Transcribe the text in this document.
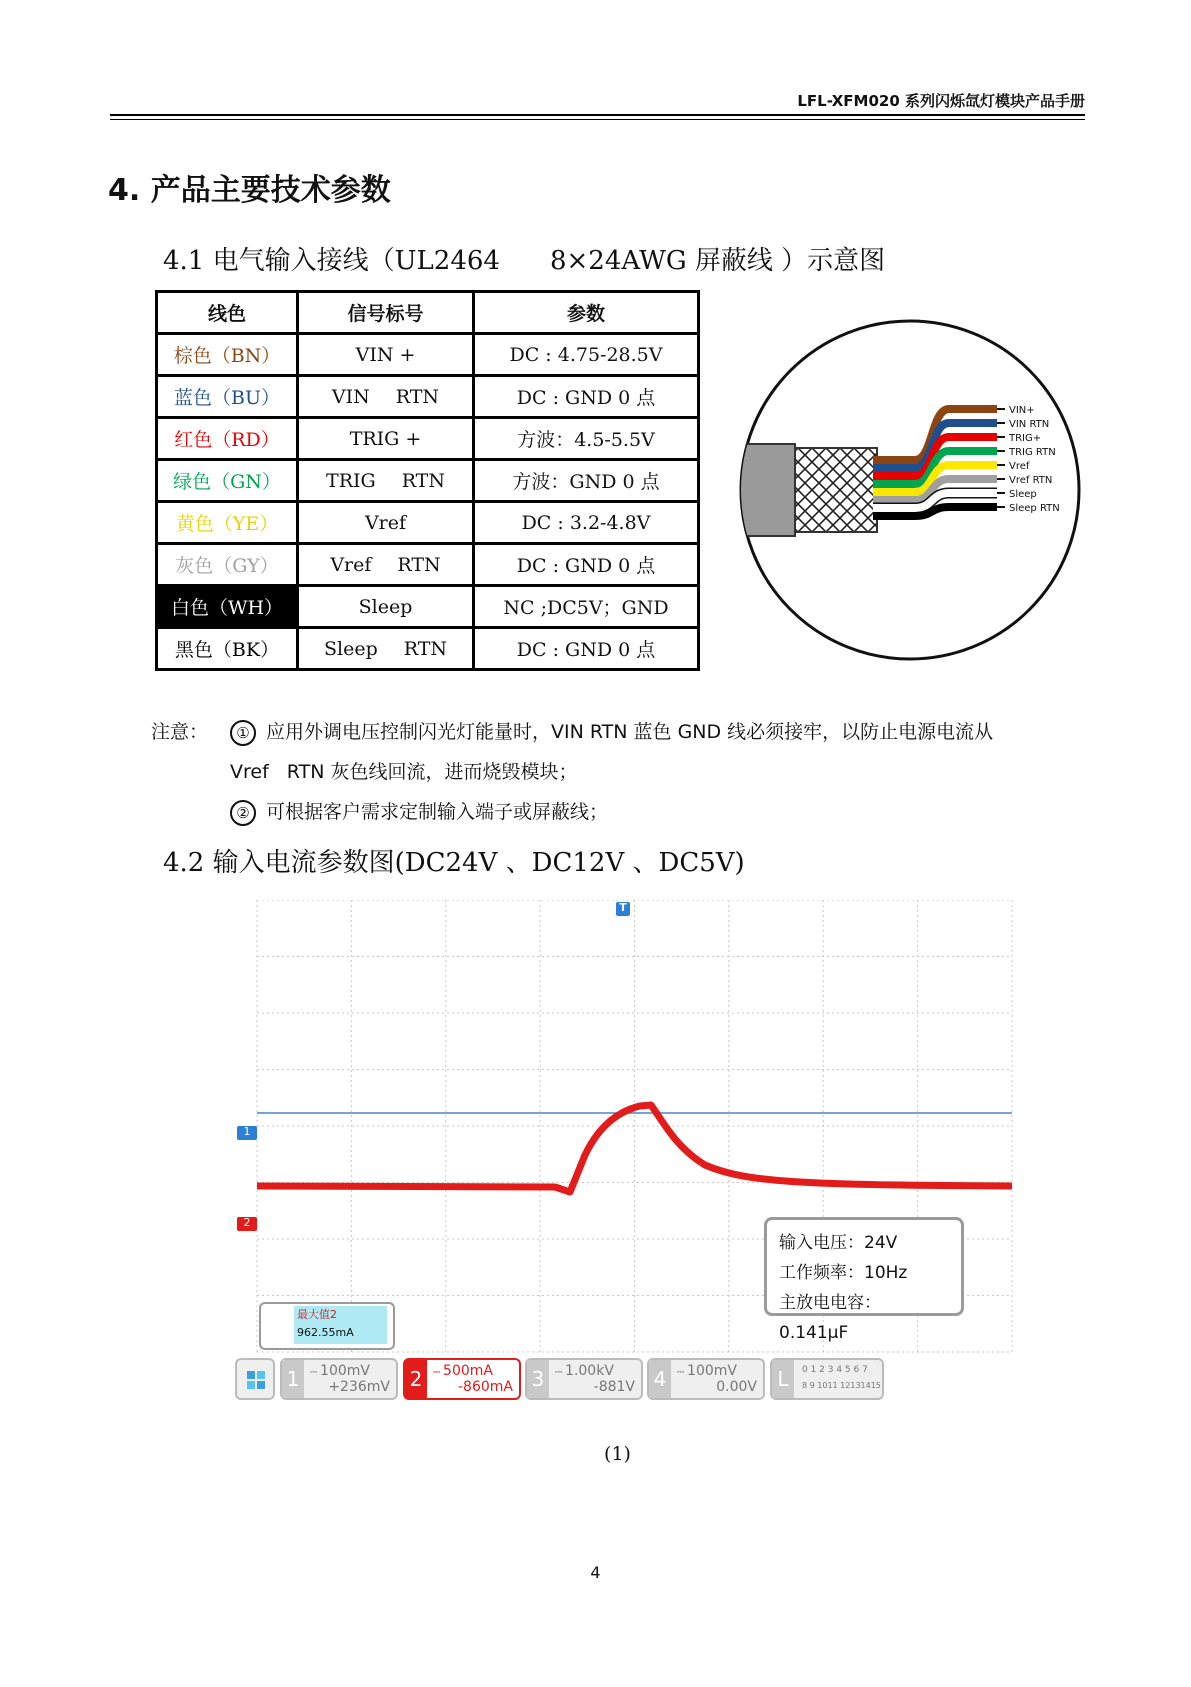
LFL-XFM020 系列闪烁氙灯模块产品手册
4. 产品主要技术参数
4.1 电气输入接线（UL2464 8×24AWG 屏蔽线 ）示意图
线色	信号标号	参数
棕色（BN）	VIN +	DC : 4.75-28.5V
蓝色（BU）	VIN RTN	DC : GND 0 点
红色（RD）	TRIG +	方波：4.5-5.5V
绿色（GN）	TRIG RTN	方波：GND 0 点
黄色（YE）	Vref	DC : 3.2-4.8V
灰色（GY）	Vref RTN	DC : GND 0 点
白色（WH）	Sleep	NC ;DC5V；GND
黑色（BK）	Sleep RTN	DC : GND 0 点
VIN+
VIN RTN
TRIG+
TRIG RTN
Vref
Vref RTN
Sleep
Sleep RTN
注意： ① 应用外调电压控制闪光灯能量时，VIN RTN 蓝色 GND 线必须接牢，以防止电源电流从
Vref RTN 灰色线回流，进而烧毁模块；
② 可根据客户需求定制输入端子或屏蔽线；
4.2 输入电流参数图(DC24V 、DC12V 、DC5V)
T
1
2
输入电压：24V
工作频率：10Hz
主放电电容：0.141μF
最大值2
962.55mA
1	⎓ 100mV
+236mV 2	⎓ 500mA
-860mA 3	⎓ 1.00kV
-881V 4	⎓ 100mV
0.00V L	0 1 2 3 4 5 6 7
8 9 1011 12131415
(1)
4
